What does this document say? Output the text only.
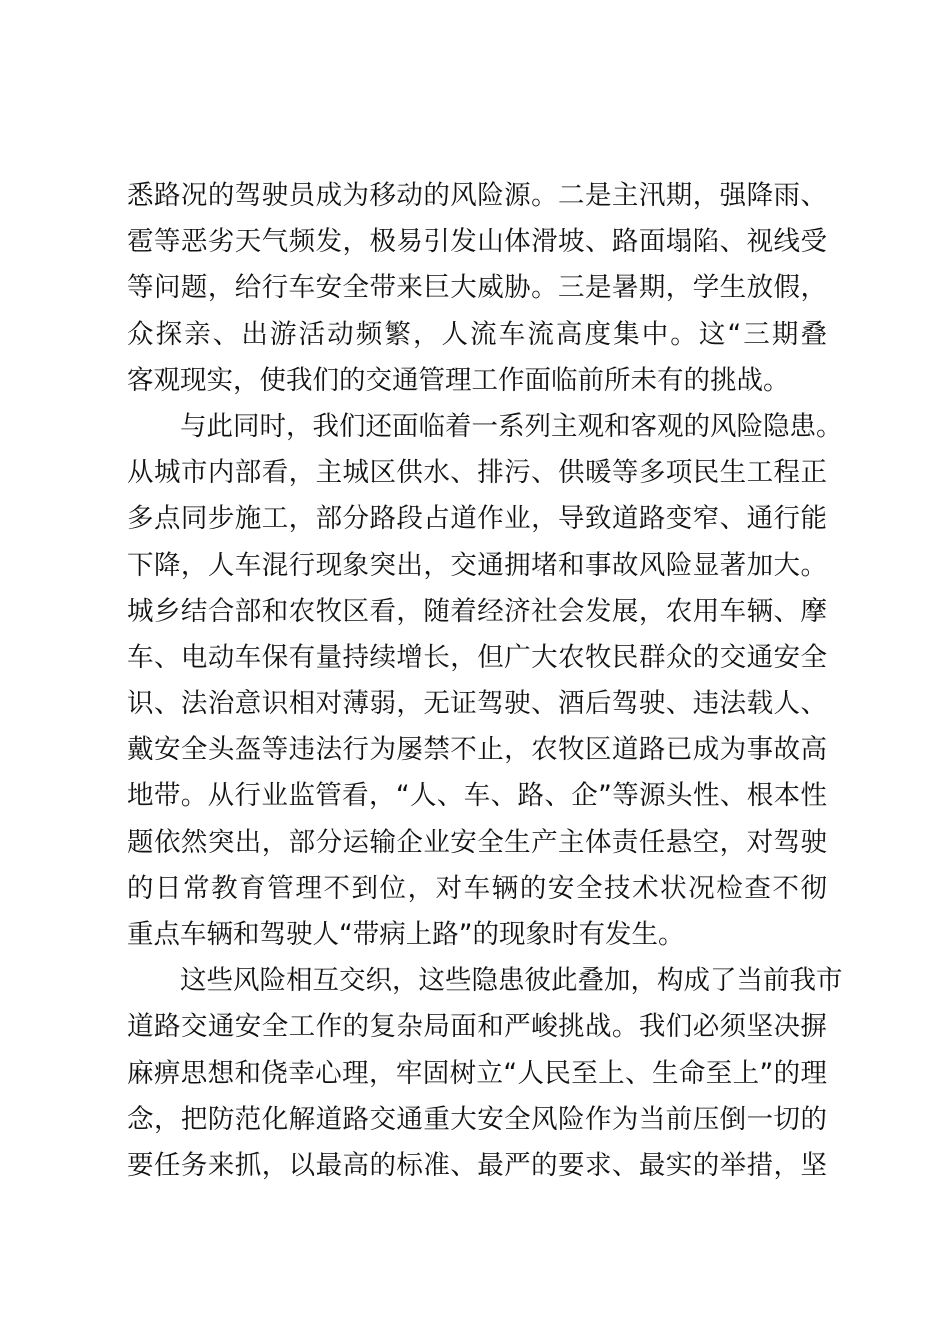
悉路况的驾驶员成为移动的风险源。二是主汛期，强降雨、
雹等恶劣天气频发，极易引发山体滑坡、路面塌陷、视线受
等问题，给行车安全带来巨大威胁。三是暑期，学生放假，
众探亲、出游活动频繁，人流车流高度集中。这“三期叠
客观现实，使我们的交通管理工作面临前所未有的挑战。
与此同时，我们还面临着一系列主观和客观的风险隐患。
从城市内部看，主城区供水、排污、供暖等多项民生工程正
多点同步施工，部分路段占道作业，导致道路变窄、通行能
下降，人车混行现象突出，交通拥堵和事故风险显著加大。
城乡结合部和农牧区看，随着经济社会发展，农用车辆、摩
车、电动车保有量持续增长，但广大农牧民群众的交通安全
识、法治意识相对薄弱，无证驾驶、酒后驾驶、违法载人、
戴安全头盔等违法行为屡禁不止，农牧区道路已成为事故高
地带。从行业监管看，“人、车、路、企”等源头性、根本性
题依然突出，部分运输企业安全生产主体责任悬空，对驾驶
的日常教育管理不到位，对车辆的安全技术状况检查不彻
重点车辆和驾驶人“带病上路”的现象时有发生。
这些风险相互交织，这些隐患彼此叠加，构成了当前我市
道路交通安全工作的复杂局面和严峻挑战。我们必须坚决摒
麻痹思想和侥幸心理，牢固树立“人民至上、生命至上”的理
念，把防范化解道路交通重大安全风险作为当前压倒一切的
要任务来抓，以最高的标准、最严的要求、最实的举措，坚
